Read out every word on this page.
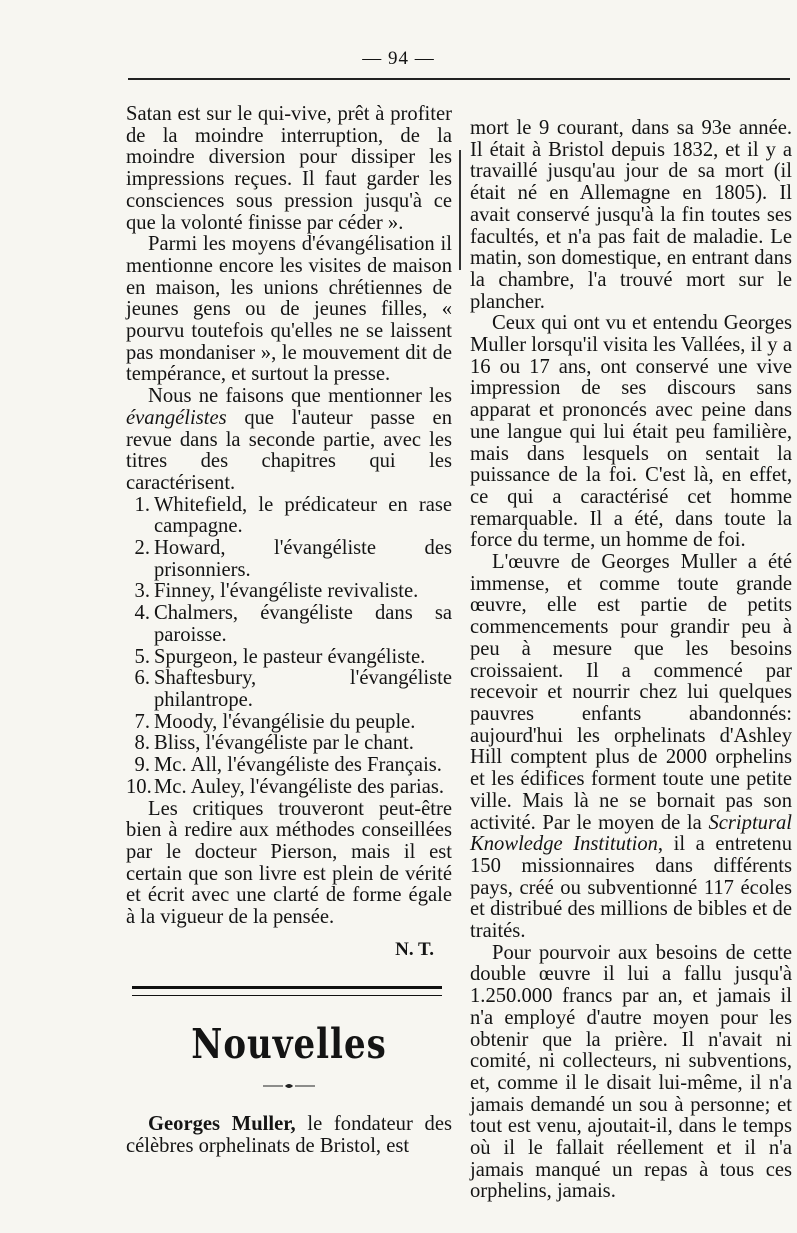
— 94 —

Satan est sur le qui-vive, prêt à profiter de la moindre interruption, de la moindre diversion pour dissiper les impressions reçues. Il faut garder les consciences sous pression jusqu'à ce que la volonté finisse par céder ».

Parmi les moyens d'évangélisation il mentionne encore les visites de maison en maison, les unions chrétiennes de jeunes gens ou de jeunes filles, « pourvu toutefois qu'elles ne se laissent pas mondaniser », le mouvement dit de tempérance, et surtout la presse.

Nous ne faisons que mentionner les évangélistes que l'auteur passe en revue dans la seconde partie, avec les titres des chapitres qui les caractérisent.

1. Whitefield, le prédicateur en rase campagne.
2. Howard, l'évangéliste des prisonniers.
3. Finney, l'évangéliste revivaliste.
4. Chalmers, évangéliste dans sa paroisse.
5. Spurgeon, le pasteur évangéliste.
6. Shaftesbury, l'évangéliste philantrope.
7. Moody, l'évangélisie du peuple.
8. Bliss, l'évangéliste par le chant.
9. Mc. All, l'évangéliste des Français.
10. Mc. Auley, l'évangéliste des parias.

Les critiques trouveront peut-être bien à redire aux méthodes conseillées par le docteur Pierson, mais il est certain que son livre est plein de vérité et écrit avec une clarté de forme égale à la vigueur de la pensée.

N. T.
Nouvelles

Georges Muller, le fondateur des célèbres orphelinats de Bristol, est

mort le 9 courant, dans sa 93e année. Il était à Bristol depuis 1832, et il y a travaillé jusqu'au jour de sa mort (il était né en Allemagne en 1805). Il avait conservé jusqu'à la fin toutes ses facultés, et n'a pas fait de maladie. Le matin, son domestique, en entrant dans la chambre, l'a trouvé mort sur le plancher.

Ceux qui ont vu et entendu Georges Muller lorsqu'il visita les Vallées, il y a 16 ou 17 ans, ont conservé une vive impression de ses discours sans apparat et prononcés avec peine dans une langue qui lui était peu familière, mais dans lesquels on sentait la puissance de la foi. C'est là, en effet, ce qui a caractérisé cet homme remarquable. Il a été, dans toute la force du terme, un homme de foi.

L'œuvre de Georges Muller a été immense, et comme toute grande œuvre, elle est partie de petits commencements pour grandir peu à peu à mesure que les besoins croissaient. Il a commencé par recevoir et nourrir chez lui quelques pauvres enfants abandonnés: aujourd'hui les orphelinats d'Ashley Hill comptent plus de 2000 orphelins et les édifices forment toute une petite ville. Mais là ne se bornait pas son activité. Par le moyen de la Scriptural Knowledge Institution, il a entretenu 150 missionnaires dans différents pays, créé ou subventionné 117 écoles et distribué des millions de bibles et de traités.

Pour pourvoir aux besoins de cette double œuvre il lui a fallu jusqu'à 1.250.000 francs par an, et jamais il n'a employé d'autre moyen pour les obtenir que la prière. Il n'avait ni comité, ni collecteurs, ni subventions, et, comme il le disait lui-même, il n'a jamais demandé un sou à personne; et tout est venu, ajoutait-il, dans le temps où il le fallait réellement et il n'a jamais manqué un repas à tous ces orphelins, jamais.
